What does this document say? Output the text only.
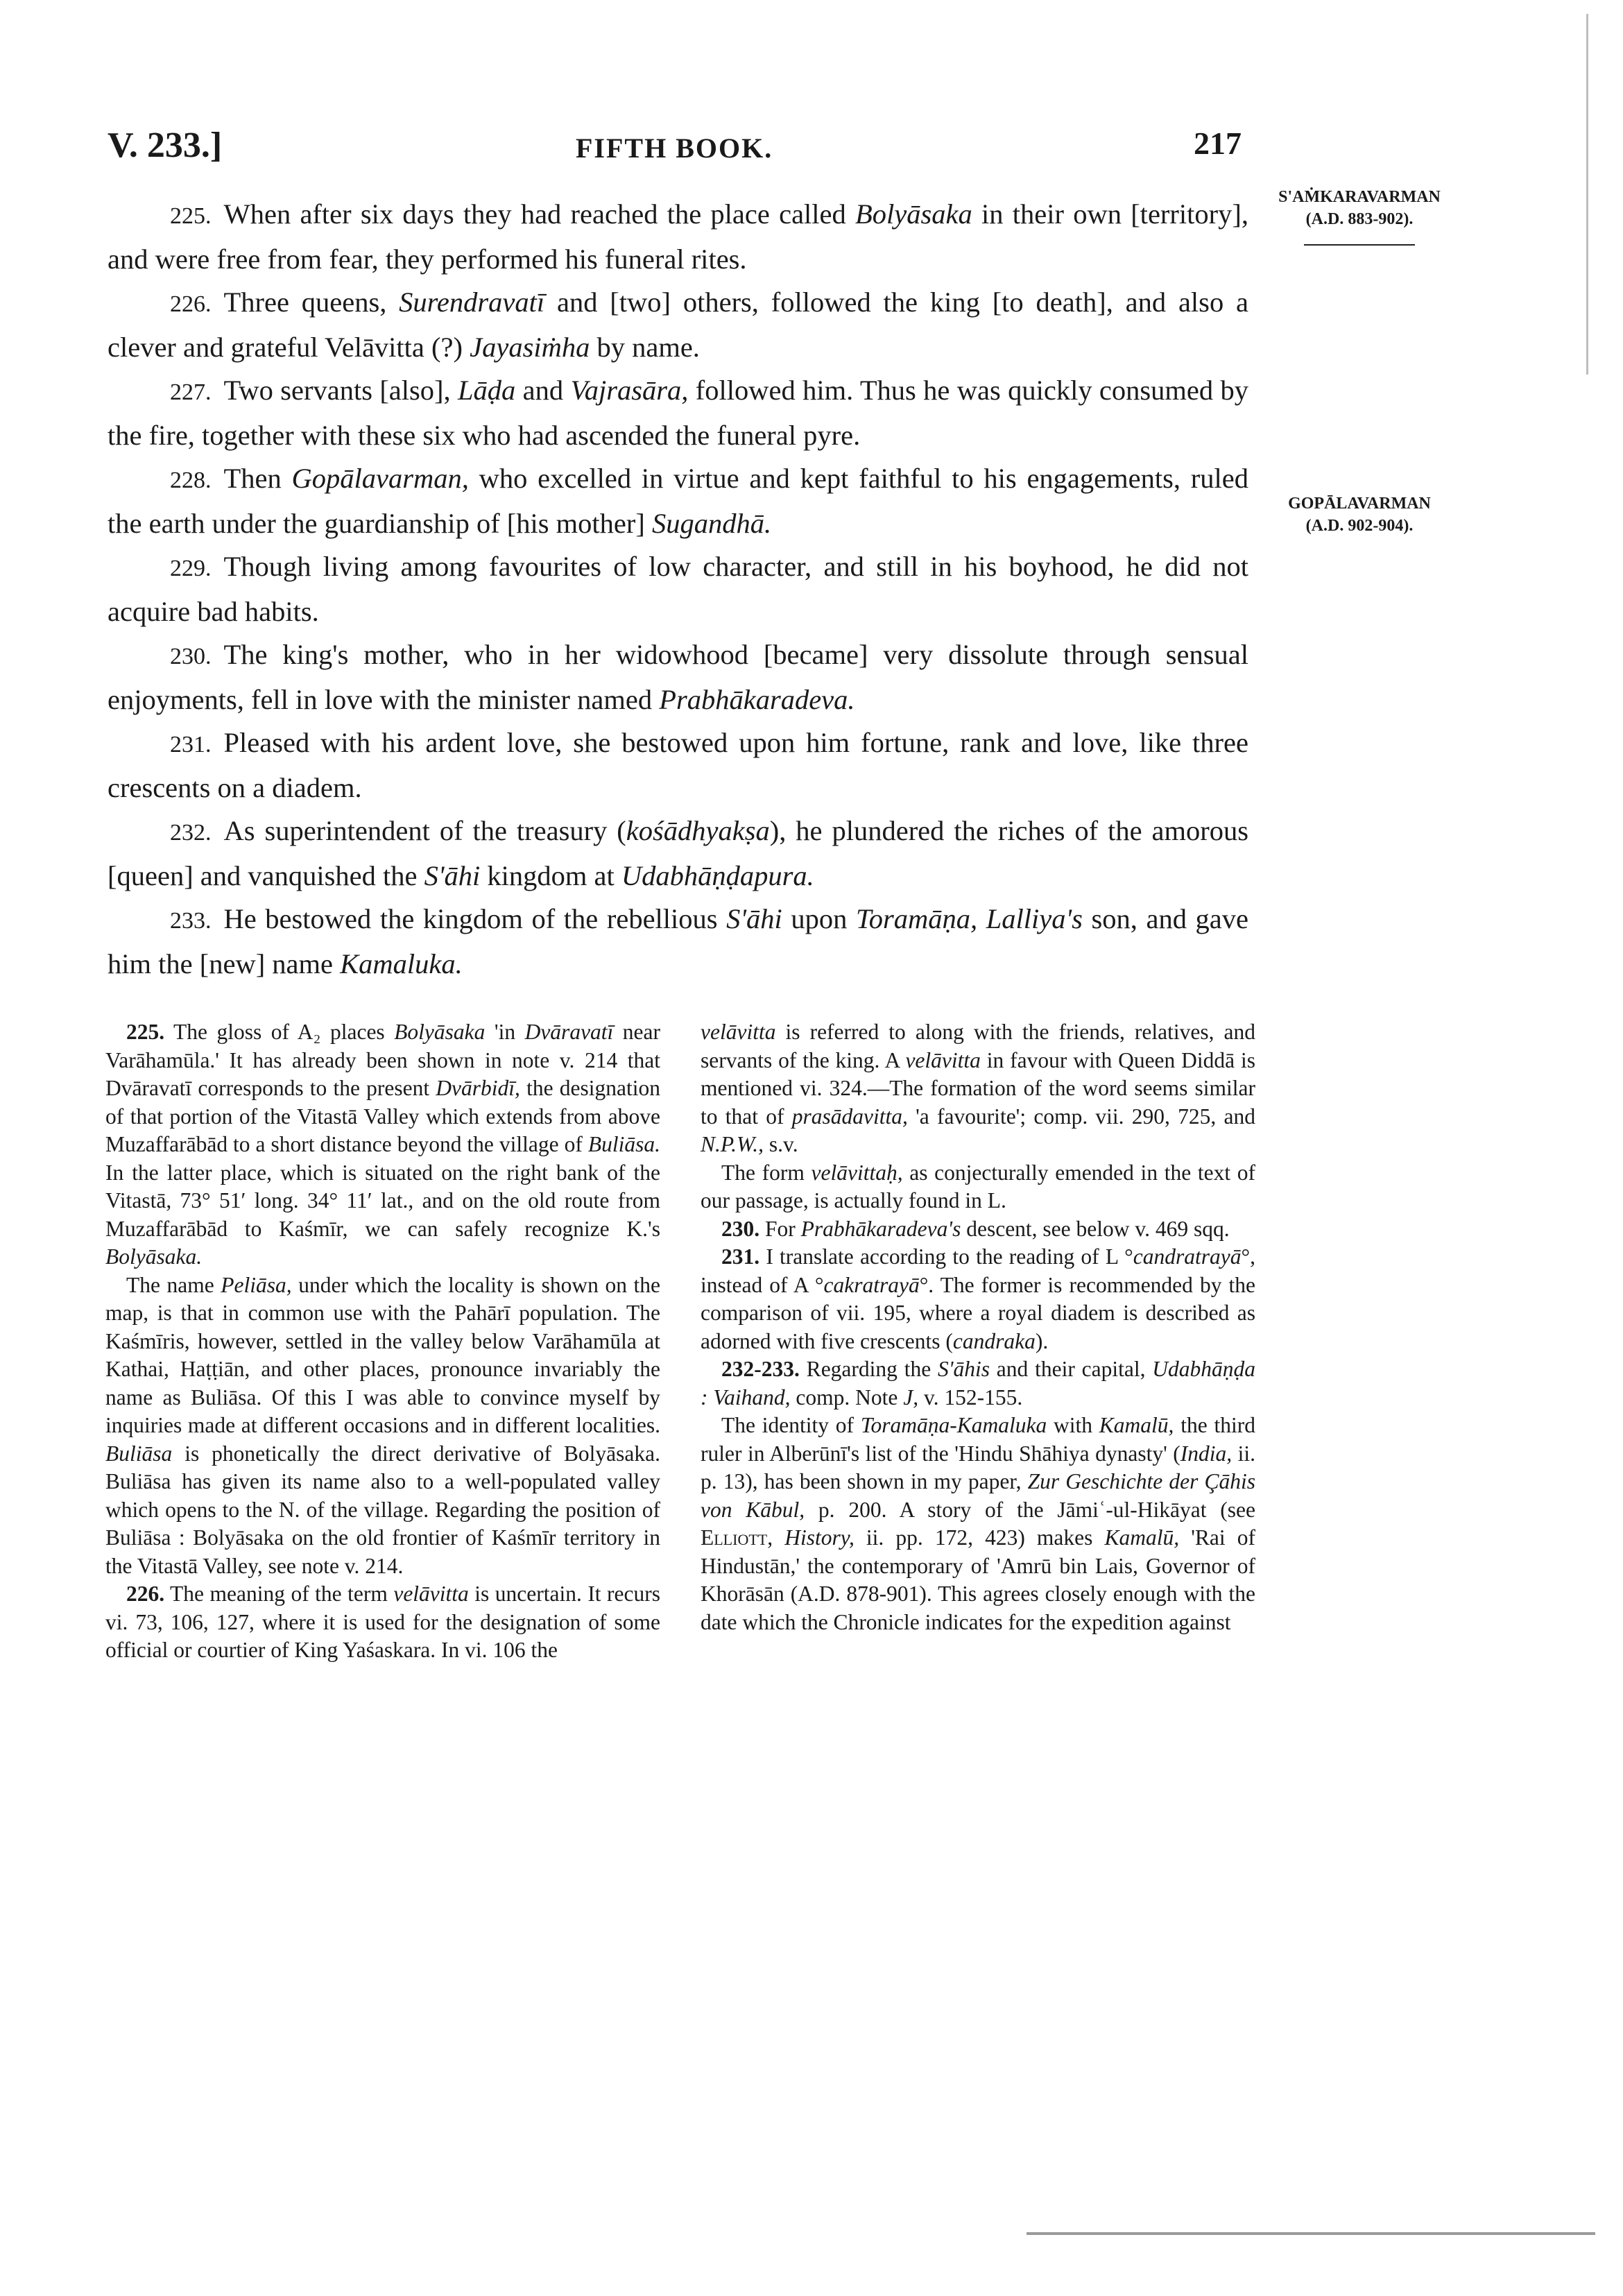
V. 233.]	FIFTH BOOK.	217
S'AṀKARAVARMAN
(A.D. 883-902).
GOPĀLAVARMAN
(A.D. 902-904).

225. When after six days they had reached the place called Bolyāsaka in their own [territory], and were free from fear, they performed his funeral rites.

226. Three queens, Surendravatī and [two] others, followed the king [to death], and also a clever and grateful Velāvitta (?) Jayasiṁha by name.

227. Two servants [also], Lāḍa and Vajrasāra, followed him. Thus he was quickly consumed by the fire, together with these six who had ascended the funeral pyre.

228. Then Gopālavarman, who excelled in virtue and kept faithful to his engagements, ruled the earth under the guardianship of [his mother] Sugandhā.

229. Though living among favourites of low character, and still in his boyhood, he did not acquire bad habits.

230. The king's mother, who in her widowhood [became] very dissolute through sensual enjoyments, fell in love with the minister named Prabhākaradeva.

231. Pleased with his ardent love, she bestowed upon him fortune, rank and love, like three crescents on a diadem.

232. As superintendent of the treasury (kośādhyakṣa), he plundered the riches of the amorous [queen] and vanquished the S'āhi kingdom at Udabhāṇḍapura.

233. He bestowed the kingdom of the rebellious S'āhi upon Toramāṇa, Lalliya's son, and gave him the [new] name Kamaluka.

225. The gloss of A₂ places Bolyāsaka 'in Dvāravatī near Varāhamūla.' It has already been shown in note v. 214 that Dvāravatī corresponds to the present Dvārbidī, the designation of that portion of the Vitastā Valley which extends from above Muzaffarābād to a short distance beyond the village of Buliāsa. In the latter place, which is situated on the right bank of the Vitastā, 73° 51′ long. 34° 11′ lat., and on the old route from Muzaffarābād to Kaśmīr, we can safely recognize K.'s Bolyāsaka.

The name Peliāsa, under which the locality is shown on the map, is that in common use with the Pahārī population. The Kaśmīris, however, settled in the valley below Varāhamūla at Kathai, Haṭṭiān, and other places, pronounce invariably the name as Buliāsa. Of this I was able to convince myself by inquiries made at different occasions and in different localities. Buliāsa is phonetically the direct derivative of Bolyāsaka. Buliāsa has given its name also to a well-populated valley which opens to the N. of the village. Regarding the position of Buliāsa : Bolyāsaka on the old frontier of Kaśmīr territory in the Vitastā Valley, see note v. 214.

226. The meaning of the term velāvitta is uncertain. It recurs vi. 73, 106, 127, where it is used for the designation of some official or courtier of King Yaśaskara. In vi. 106 the

velāvitta is referred to along with the friends, relatives, and servants of the king. A velāvitta in favour with Queen Diddā is mentioned vi. 324.—The formation of the word seems similar to that of prasādavitta, 'a favourite'; comp. vii. 290, 725, and N.P.W., s.v.

The form velāvittaḥ, as conjecturally emended in the text of our passage, is actually found in L.

230. For Prabhākaradeva's descent, see below v. 469 sqq.

231. I translate according to the reading of L °candratrayā°, instead of A °cakratrayā°. The former is recommended by the comparison of vii. 195, where a royal diadem is described as adorned with five crescents (candraka).

232-233. Regarding the S'āhis and their capital, Udabhāṇḍa : Vaihand, comp. Note J, v. 152-155.

The identity of Toramāṇa-Kamaluka with Kamalū, the third ruler in Alberūnī's list of the 'Hindu Shāhiya dynasty' (India, ii. p. 13), has been shown in my paper, Zur Geschichte der Çāhis von Kābul, p. 200. A story of the Jāmiʿ-ul-Hikāyat (see Elliott, History, ii. pp. 172, 423) makes Kamalū, 'Rai of Hindustān,' the contemporary of 'Amrū bin Lais, Governor of Khorāsān (A.D. 878-901). This agrees closely enough with the date which the Chronicle indicates for the expedition against
